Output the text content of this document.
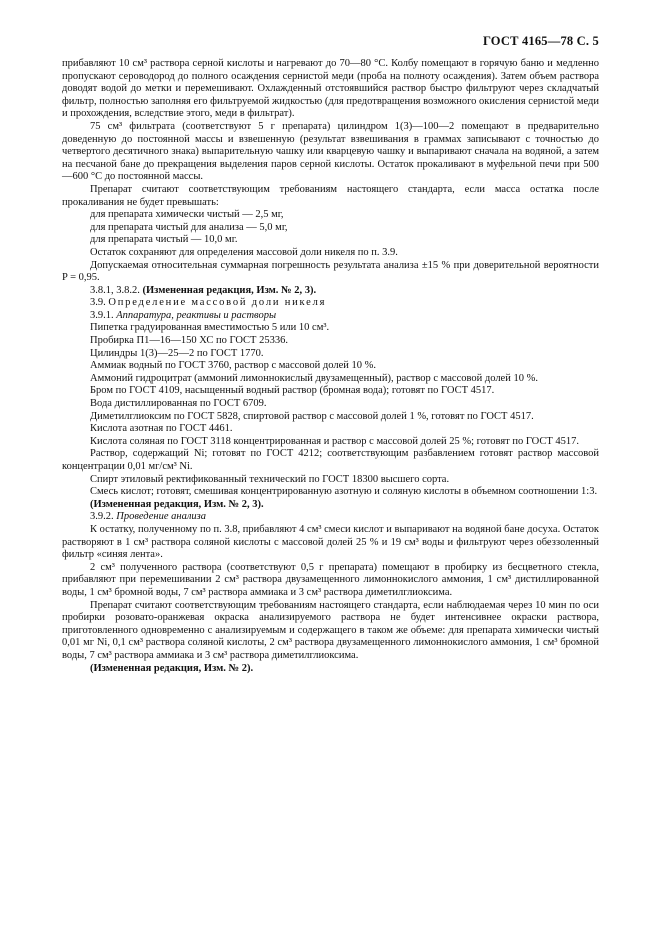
ГОСТ 4165—78 С. 5

прибавляют 10 см³ раствора серной кислоты и нагревают до 70—80 °С. Колбу помещают в горячую баню и медленно пропускают сероводород до полного осаждения сернистой меди (проба на полноту осаждения). Затем объем раствора доводят водой до метки и перемешивают. Охлажденный отстоявшийся раствор быстро фильтруют через складчатый фильтр, полностью заполняя его фильтруемой жидкостью (для предотвращения возможного окисления сернистой меди и прохождения, вследствие этого, меди в фильтрат).

75 см³ фильтрата (соответствуют 5 г препарата) цилиндром 1(3)—100—2 помещают в предварительно доведенную до постоянной массы и взвешенную (результат взвешивания в граммах записывают с точностью до четвертого десятичного знака) выпарительную чашку или кварцевую чашку и выпаривают сначала на водяной, а затем на песчаной бане до прекращения выделения паров серной кислоты. Остаток прокаливают в муфельной печи при 500—600 °С до постоянной массы.

Препарат считают соответствующим требованиям настоящего стандарта, если масса остатка после прокаливания не будет превышать:

для препарата химически чистый — 2,5 мг,

для препарата чистый для анализа — 5,0 мг,

для препарата чистый — 10,0 мг.

Остаток сохраняют для определения массовой доли никеля по п. 3.9.

Допускаемая относительная суммарная погрешность результата анализа ±15 % при доверительной вероятности P = 0,95.

3.8.1, 3.8.2. (Измененная редакция, Изм. № 2, 3).

3.9. Определение массовой доли никеля

3.9.1. Аппаратура, реактивы и растворы

Пипетка градуированная вместимостью 5 или 10 см³.

Пробирка П1—16—150 ХС по ГОСТ 25336.

Цилиндры 1(3)—25—2 по ГОСТ 1770.

Аммиак водный по ГОСТ 3760, раствор с массовой долей 10 %.

Аммоний гидроцитрат (аммоний лимоннокислый двузамещенный), раствор с массовой долей 10 %.

Бром по ГОСТ 4109, насыщенный водный раствор (бромная вода); готовят по ГОСТ 4517.

Вода дистиллированная по ГОСТ 6709.

Диметилглиоксим по ГОСТ 5828, спиртовой раствор с массовой долей 1 %, готовят по ГОСТ 4517.

Кислота азотная по ГОСТ 4461.

Кислота соляная по ГОСТ 3118 концентрированная и раствор с массовой долей 25 %; готовят по ГОСТ 4517.

Раствор, содержащий Ni; готовят по ГОСТ 4212; соответствующим разбавлением готовят раствор массовой концентрации 0,01 мг/см³ Ni.

Спирт этиловый ректификованный технический по ГОСТ 18300 высшего сорта.

Смесь кислот; готовят, смешивая концентрированную азотную и соляную кислоты в объемном соотношении 1:3.

(Измененная редакция, Изм. № 2, 3).

3.9.2. Проведение анализа

К остатку, полученному по п. 3.8, прибавляют 4 см³ смеси кислот и выпаривают на водяной бане досуха. Остаток растворяют в 1 см³ раствора соляной кислоты с массовой долей 25 % и 19 см³ воды и фильтруют через обеззоленный фильтр «синяя лента».

2 см³ полученного раствора (соответствуют 0,5 г препарата) помещают в пробирку из бесцветного стекла, прибавляют при перемешивании 2 см³ раствора двузамещенного лимоннокислого аммония, 1 см³ дистиллированной воды, 1 см³ бромной воды, 7 см³ раствора аммиака и 3 см³ раствора диметилглиоксима.

Препарат считают соответствующим требованиям настоящего стандарта, если наблюдаемая через 10 мин по оси пробирки розовато-оранжевая окраска анализируемого раствора не будет интенсивнее окраски раствора, приготовленного одновременно с анализируемым и содержащего в таком же объеме: для препарата химически чистый 0,01 мг Ni, 0,1 см³ раствора соляной кислоты, 2 см³ раствора двузамещенного лимоннокислого аммония, 1 см³ бромной воды, 7 см³ раствора аммиака и 3 см³ раствора диметилглиоксима.

(Измененная редакция, Изм. № 2).
